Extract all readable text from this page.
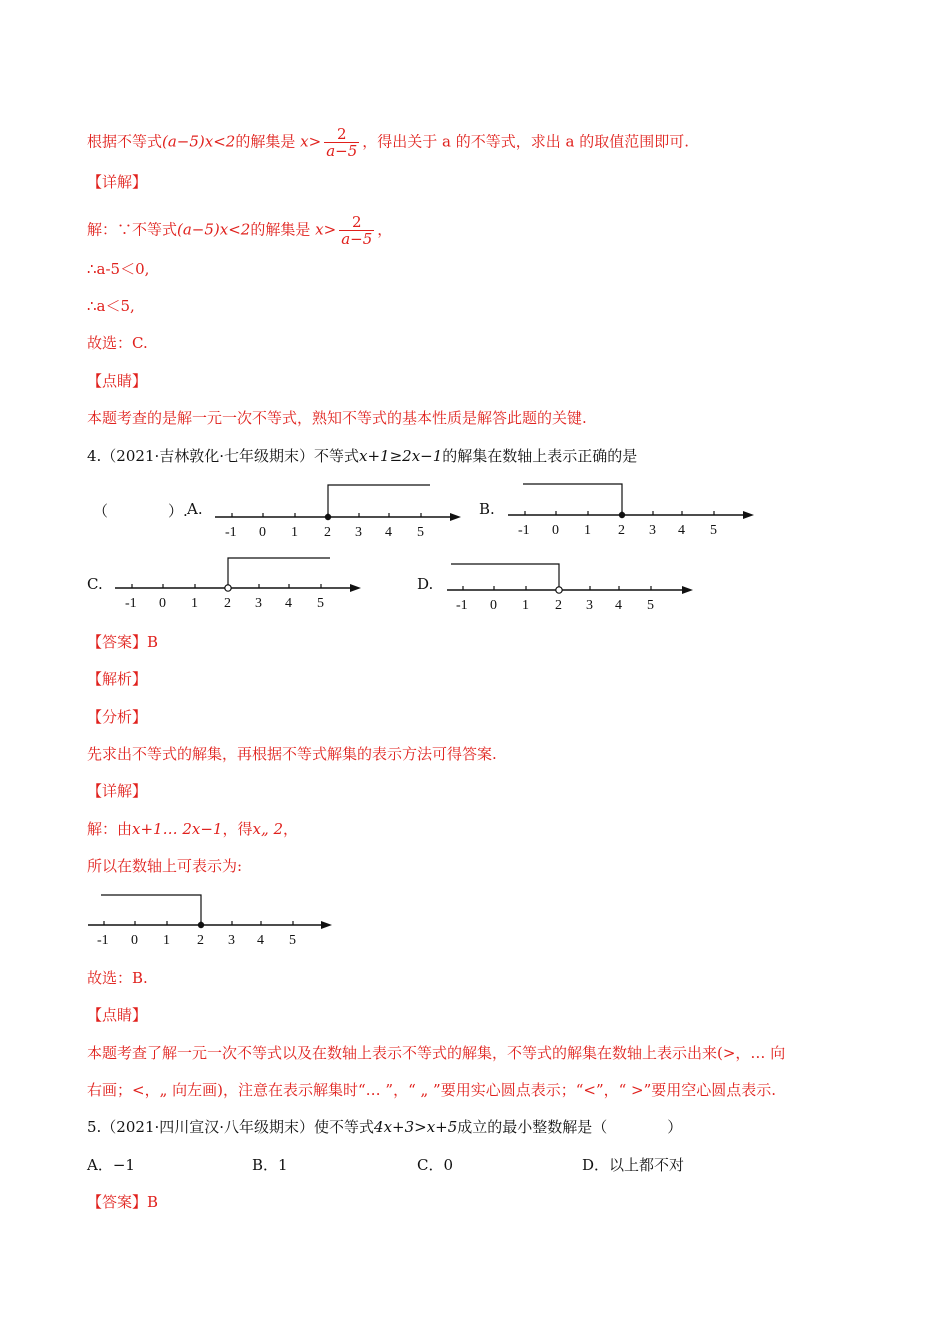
根据不等式(a−5)x<2的解集是 $x> \frac{2}{a-5}$ ，得出关于 a 的不等式，求出 a 的取值范围即可.
【详解】
解：∵不等式(a−5)x<2的解集是 $x> \frac{2}{a-5}$ ，
∴a-5＜0,
∴a＜5,
故选：C.
【点睛】
本题考查的是解一元一次不等式，熟知不等式的基本性质是解答此题的关键.
4.（2021·吉林敦化·七年级期末）不等式x+1≥2x−1的解集在数轴上表示正确的是
（　　　　）. A.	B.
C.	D.
-1 0 1 2 3 4 5	-1 0 1 2 3 4 5
-1 0 1 2 3 4 5	-1 0 1 2 3 4 5
【答案】B
【解析】
【分析】
先求出不等式的解集，再根据不等式解集的表示方法可得答案.
【详解】
解：由x+1… 2x−1，得x„ 2，
所以在数轴上可表示为:
-1 0 1 2 3 4 5
故选：B.
【点睛】
本题考查了解一元一次不等式以及在数轴上表示不等式的解集，不等式的解集在数轴上表示出来(>，… 向
右画；<，„ 向左画)，注意在表示解集时“… ”，“ „ ”要用实心圆点表示；“<”，“ >”要用空心圆点表示.
5.（2021·四川宣汉·八年级期末）使不等式4x+3>x+5成立的最小整数解是（　　　　）
A．−1	B．1	C．0	D．以上都不对
【答案】B
